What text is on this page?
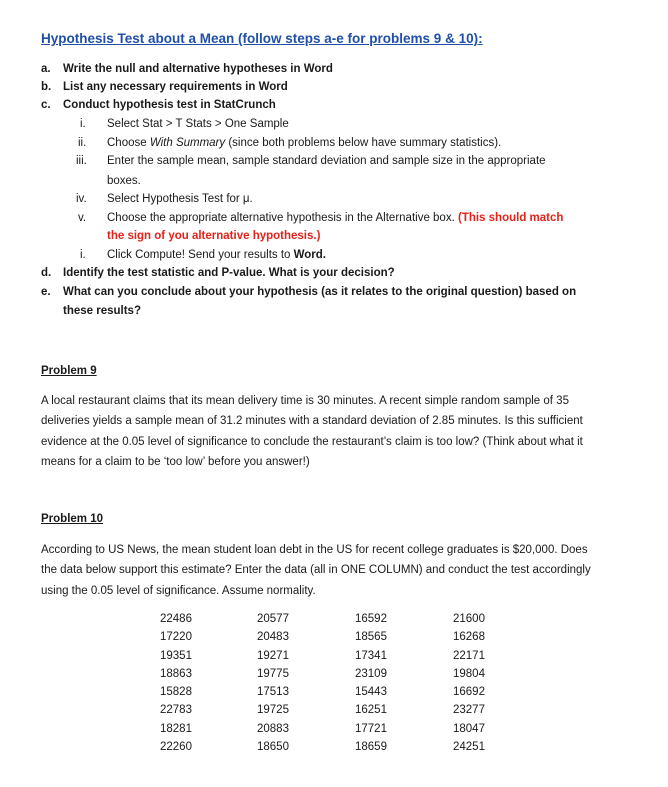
Hypothesis Test about a Mean (follow steps a-e for problems 9 & 10):
a. Write the null and alternative hypotheses in Word
b. List any necessary requirements in Word
c. Conduct hypothesis test in StatCrunch
i. Select Stat > T Stats > One Sample
ii. Choose With Summary (since both problems below have summary statistics).
iii. Enter the sample mean, sample standard deviation and sample size in the appropriate
boxes.
iv. Select Hypothesis Test for μ.
v. Choose the appropriate alternative hypothesis in the Alternative box. (This should match
the sign of you alternative hypothesis.)
i. Click Compute! Send your results to Word.
d. Identify the test statistic and P-value. What is your decision?
e. What can you conclude about your hypothesis (as it relates to the original question) based on
these results?
Problem 9
A local restaurant claims that its mean delivery time is 30 minutes. A recent simple random sample of 35 deliveries yields a sample mean of 31.2 minutes with a standard deviation of 2.85 minutes. Is this sufficient evidence at the 0.05 level of significance to conclude the restaurant’s claim is too low? (Think about what it means for a claim to be ‘too low’ before you answer!)
Problem 10
According to US News, the mean student loan debt in the US for recent college graduates is $20,000. Does the data below support this estimate? Enter the data (all in ONE COLUMN) and conduct the test accordingly using the 0.05 level of significance. Assume normality.
22486
17220
19351
18863
15828
22783
18281
22260
20577
20483
19271
19775
17513
19725
20883
18650
16592
18565
17341
23109
15443
16251
17721
18659
21600
16268
22171
19804
16692
23277
18047
24251
